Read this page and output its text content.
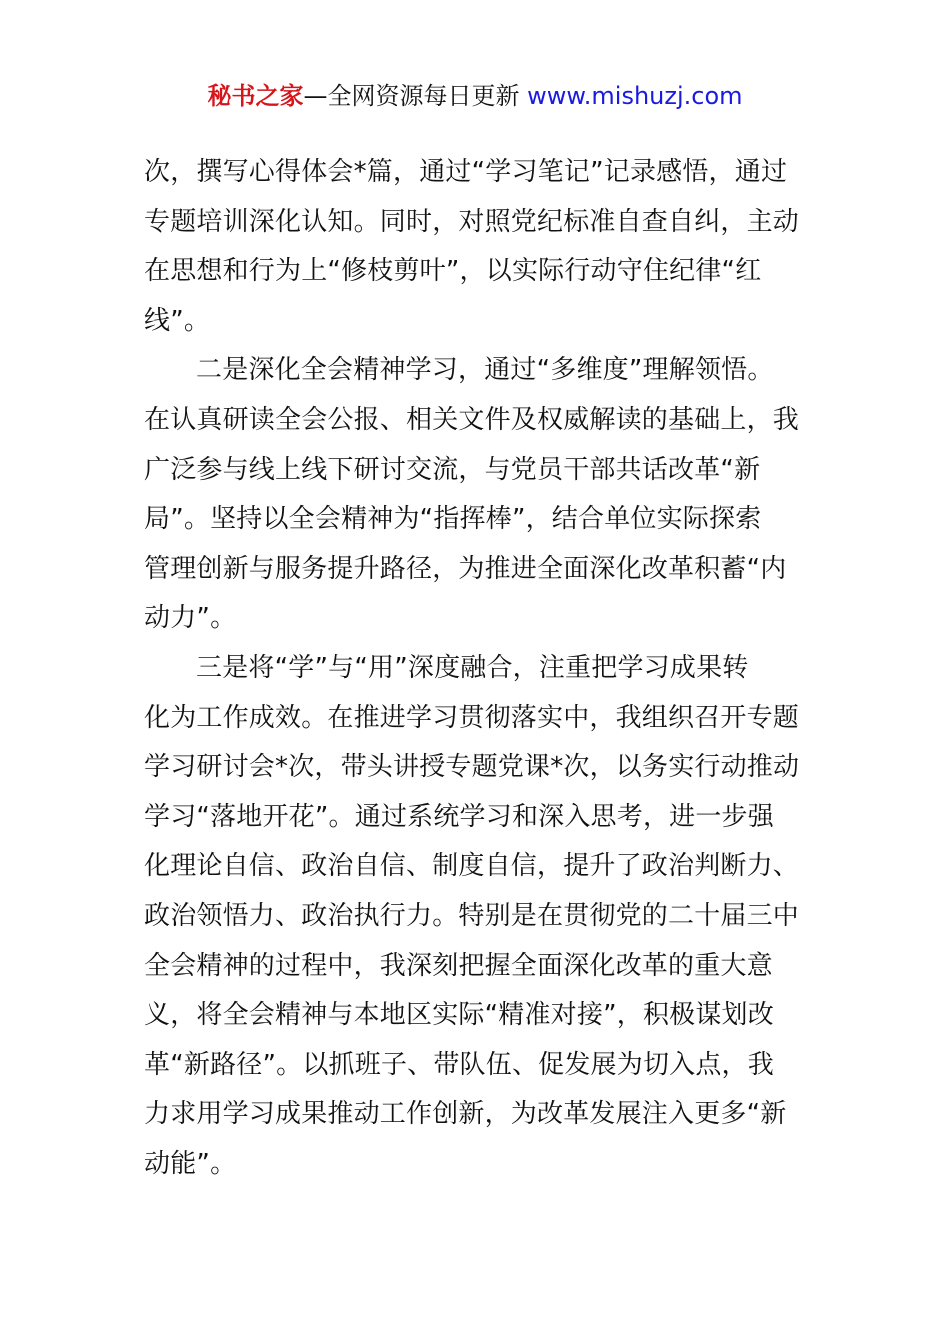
秘书之家—全网资源每日更新 www.mishuzj.com
次，撰写心得体会*篇，通过“学习笔记”记录感悟，通过
专题培训深化认知。同时，对照党纪标准自查自纠，主动
在思想和行为上“修枝剪叶”，以实际行动守住纪律“红
线”。
二是深化全会精神学习，通过“多维度”理解领悟。
在认真研读全会公报、相关文件及权威解读的基础上，我
广泛参与线上线下研讨交流，与党员干部共话改革“新
局”。坚持以全会精神为“指挥棒”，结合单位实际探索
管理创新与服务提升路径，为推进全面深化改革积蓄“内
动力”。
三是将“学”与“用”深度融合，注重把学习成果转
化为工作成效。在推进学习贯彻落实中，我组织召开专题
学习研讨会*次，带头讲授专题党课*次，以务实行动推动
学习“落地开花”。通过系统学习和深入思考，进一步强
化理论自信、政治自信、制度自信，提升了政治判断力、
政治领悟力、政治执行力。特别是在贯彻党的二十届三中
全会精神的过程中，我深刻把握全面深化改革的重大意
义，将全会精神与本地区实际“精准对接”，积极谋划改
革“新路径”。以抓班子、带队伍、促发展为切入点，我
力求用学习成果推动工作创新，为改革发展注入更多“新
动能”。
